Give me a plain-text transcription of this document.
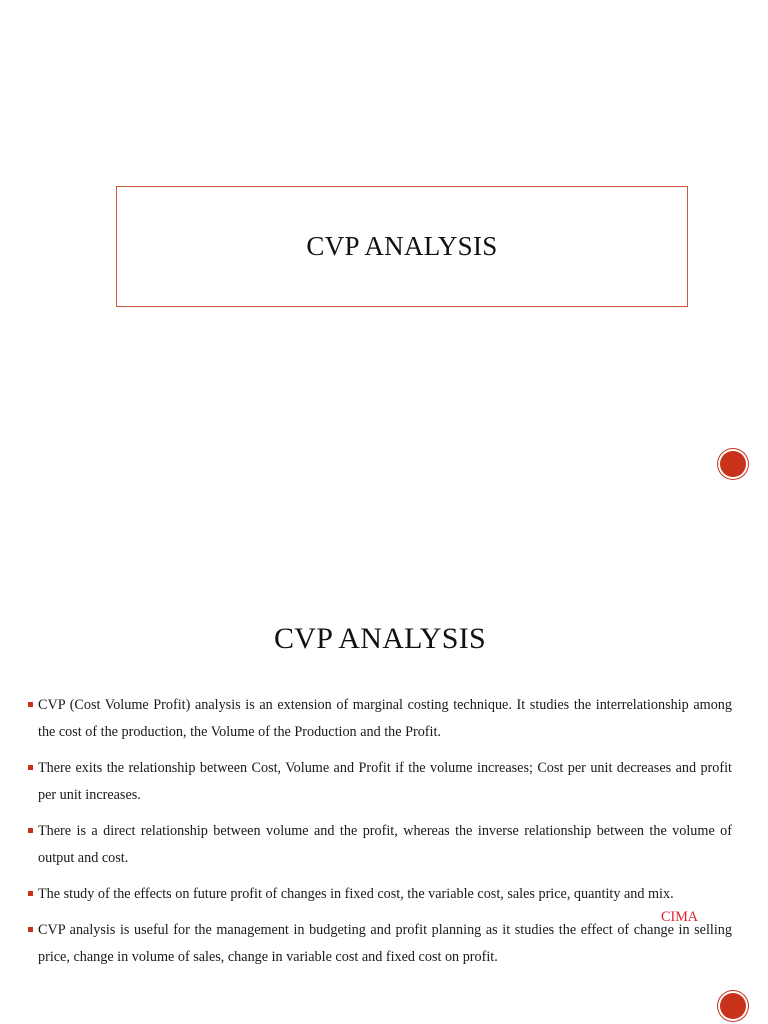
CVP ANALYSIS
CVP ANALYSIS
CVP (Cost Volume Profit) analysis is an extension of marginal costing technique. It studies the interrelationship among the cost of the production, the Volume of the Production and the Profit.
There exits the relationship between Cost, Volume and Profit if the volume increases; Cost per unit decreases and profit per unit increases.
There is a direct relationship between volume and the profit, whereas the inverse relationship between the volume of output and cost.
The study of the effects on future profit of changes in fixed cost, the variable cost, sales price, quantity and mix.
CVP analysis is useful for the management in budgeting and profit planning as it studies the effect of change in selling price, change in volume of sales, change in variable cost and fixed cost on profit.
CIMA
